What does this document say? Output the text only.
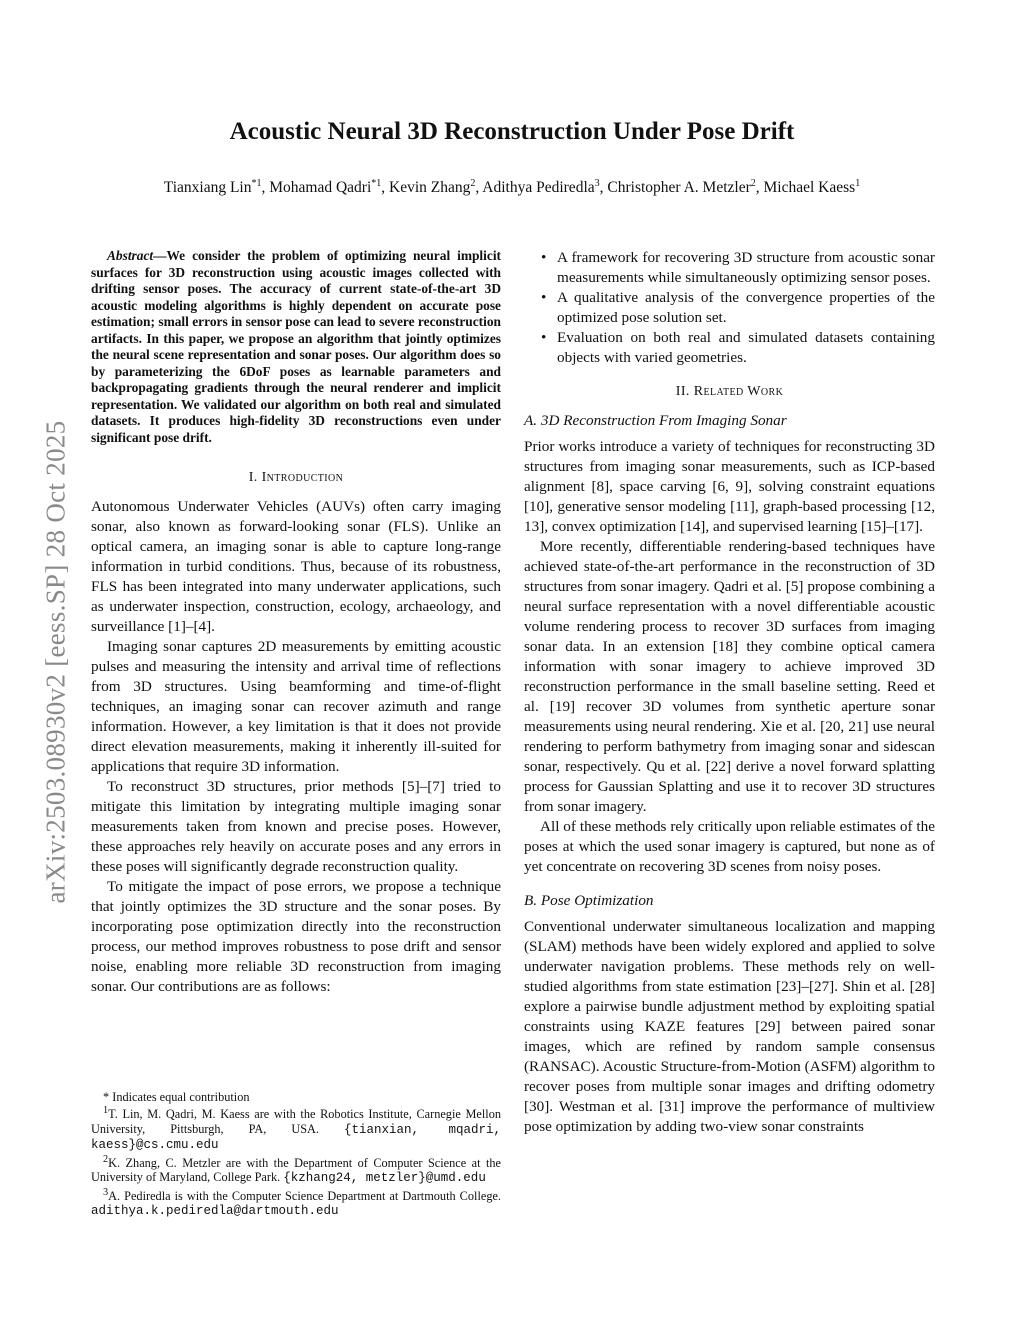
arXiv:2503.08930v2 [eess.SP] 28 Oct 2025
Acoustic Neural 3D Reconstruction Under Pose Drift
Tianxiang Lin$^{*1}$, Mohamad Qadri$^{*1}$, Kevin Zhang$^2$, Adithya Pediredla$^3$, Christopher A. Metzler$^2$, Michael Kaess$^1$

Abstract—We consider the problem of optimizing neural implicit surfaces for 3D reconstruction using acoustic images collected with drifting sensor poses. The accuracy of current state-of-the-art 3D acoustic modeling algorithms is highly dependent on accurate pose estimation; small errors in sensor pose can lead to severe reconstruction artifacts. In this paper, we propose an algorithm that jointly optimizes the neural scene representation and sonar poses. Our algorithm does so by parameterizing the 6DoF poses as learnable parameters and backpropagating gradients through the neural renderer and implicit representation. We validated our algorithm on both real and simulated datasets. It produces high-fidelity 3D reconstructions even under significant pose drift.

I. Introduction

Autonomous Underwater Vehicles (AUVs) often carry imaging sonar, also known as forward-looking sonar (FLS). Unlike an optical camera, an imaging sonar is able to capture long-range information in turbid conditions. Thus, because of its robustness, FLS has been integrated into many underwater applications, such as underwater inspection, construction, ecology, archaeology, and surveillance [1]–[4].

Imaging sonar captures 2D measurements by emitting acoustic pulses and measuring the intensity and arrival time of reflections from 3D structures. Using beamforming and time-of-flight techniques, an imaging sonar can recover azimuth and range information. However, a key limitation is that it does not provide direct elevation measurements, making it inherently ill-suited for applications that require 3D information.

To reconstruct 3D structures, prior methods [5]–[7] tried to mitigate this limitation by integrating multiple imaging sonar measurements taken from known and precise poses. However, these approaches rely heavily on accurate poses and any errors in these poses will significantly degrade reconstruction quality.

To mitigate the impact of pose errors, we propose a technique that jointly optimizes the 3D structure and the sonar poses. By incorporating pose optimization directly into the reconstruction process, our method improves robustness to pose drift and sensor noise, enabling more reliable 3D reconstruction from imaging sonar. Our contributions are as follows:

* Indicates equal contribution

$^1$T. Lin, M. Qadri, M. Kaess are with the Robotics Institute, Carnegie Mellon University, Pittsburgh, PA, USA. {tianxian, mqadri, kaess}@cs.cmu.edu

$^2$K. Zhang, C. Metzler are with the Department of Computer Science at the University of Maryland, College Park. {kzhang24, metzler}@umd.edu

$^3$A. Pediredla is with the Computer Science Department at Dartmouth College. adithya.k.pediredla@dartmouth.edu

• A framework for recovering 3D structure from acoustic sonar measurements while simultaneously optimizing sensor poses.
• A qualitative analysis of the convergence properties of the optimized pose solution set.
• Evaluation on both real and simulated datasets containing objects with varied geometries.
II. Related Work
A. 3D Reconstruction From Imaging Sonar

Prior works introduce a variety of techniques for reconstructing 3D structures from imaging sonar measurements, such as ICP-based alignment [8], space carving [6, 9], solving constraint equations [10], generative sensor modeling [11], graph-based processing [12, 13], convex optimization [14], and supervised learning [15]–[17].

More recently, differentiable rendering-based techniques have achieved state-of-the-art performance in the reconstruction of 3D structures from sonar imagery. Qadri et al. [5] propose combining a neural surface representation with a novel differentiable acoustic volume rendering process to recover 3D surfaces from imaging sonar data. In an extension [18] they combine optical camera information with sonar imagery to achieve improved 3D reconstruction performance in the small baseline setting. Reed et al. [19] recover 3D volumes from synthetic aperture sonar measurements using neural rendering. Xie et al. [20, 21] use neural rendering to perform bathymetry from imaging sonar and sidescan sonar, respectively. Qu et al. [22] derive a novel forward splatting process for Gaussian Splatting and use it to recover 3D structures from sonar imagery.

All of these methods rely critically upon reliable estimates of the poses at which the used sonar imagery is captured, but none as of yet concentrate on recovering 3D scenes from noisy poses.

B. Pose Optimization

Conventional underwater simultaneous localization and mapping (SLAM) methods have been widely explored and applied to solve underwater navigation problems. These methods rely on well-studied algorithms from state estimation [23]–[27]. Shin et al. [28] explore a pairwise bundle adjustment method by exploiting spatial constraints using KAZE features [29] between paired sonar images, which are refined by random sample consensus (RANSAC). Acoustic Structure-from-Motion (ASFM) algorithm to recover poses from multiple sonar images and drifting odometry [30]. Westman et al. [31] improve the performance of multiview pose optimization by adding two-view sonar constraints
